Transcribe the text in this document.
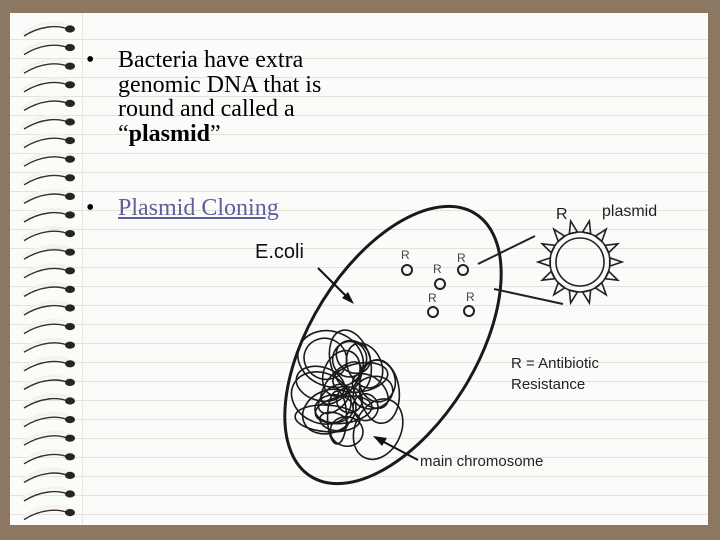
• Bacteria have extra genomic DNA that is round and called a “plasmid”
• Plasmid Cloning
E.coli	R
R
R
R R
R plasmid
R = Antibiotic
Resistance
main chromosome
